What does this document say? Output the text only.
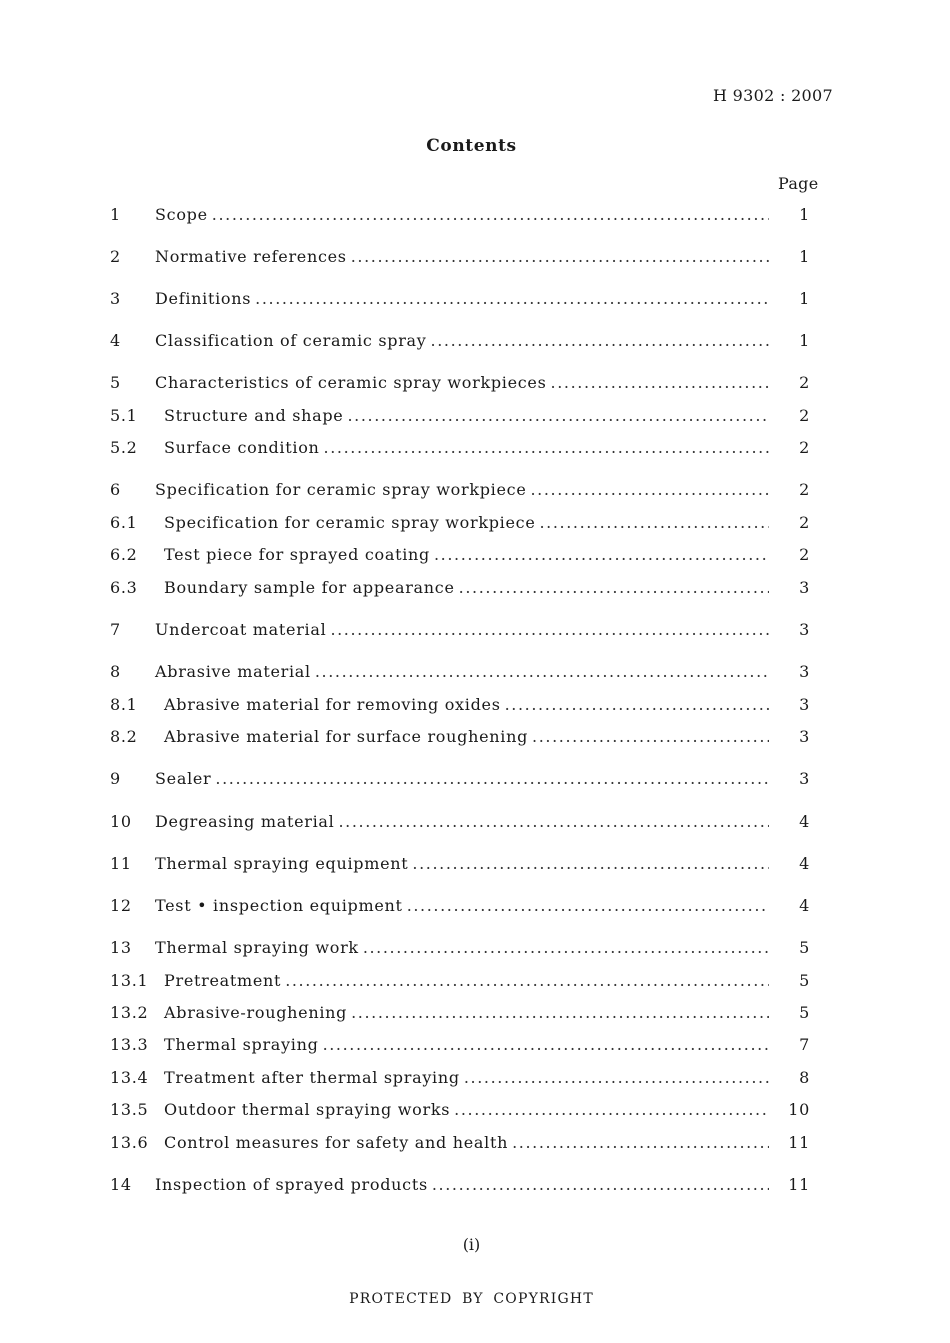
H 9302 : 2007
Contents
Page
1	Scope .....	1
2	Normative references .....	1
3	Definitions .....	1
4	Classification of ceramic spray .....	1
5	Characteristics of ceramic spray workpieces .....	2
5.1	Structure and shape .....	2
5.2	Surface condition .....	2
6	Specification for ceramic spray workpiece .....	2
6.1	Specification for ceramic spray workpiece .....	2
6.2	Test piece for sprayed coating .....	2
6.3	Boundary sample for appearance .....	3
7	Undercoat material .....	3
8	Abrasive material .....	3
8.1	Abrasive material for removing oxides .....	3
8.2	Abrasive material for surface roughening .....	3
9	Sealer .....	3
10	Degreasing material .....	4
11	Thermal spraying equipment .....	4
12	Test • inspection equipment .....	4
13	Thermal spraying work .....	5
13.1 Pretreatment .....	5
13.2 Abrasive-roughening .....	5
13.3 Thermal spraying .....	7
13.4 Treatment after thermal spraying .....	8
13.5 Outdoor thermal spraying works .....	10
13.6 Control measures for safety and health .....	11
14	Inspection of sprayed products .....	11
(i)
PROTECTED BY COPYRIGHT
